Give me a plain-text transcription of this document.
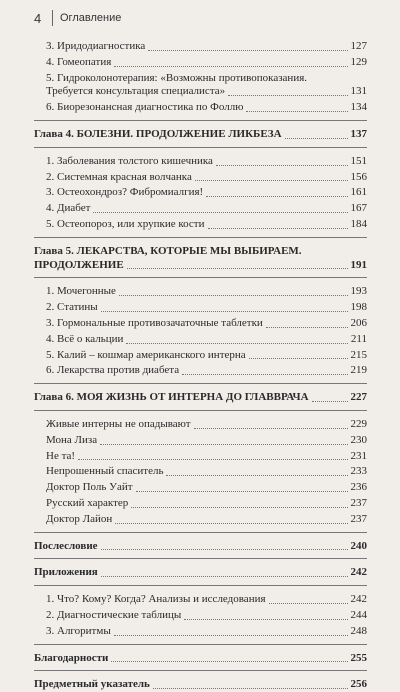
4 Оглавление
3. Иридодиагностика	127
4. Гомеопатия	129
5. Гидроколонотерапия: «Возможны противопоказания.
Требуется консультация специалиста»	131
6. Биорезонансная диагностика по Фоллю	134
Глава 4. БОЛЕЗНИ. ПРОДОЛЖЕНИЕ ЛИКБЕЗА	137
1. Заболевания толстого кишечника	151
2. Системная красная волчанка	156
3. Остеохондроз? Фибромиалгия!	161
4. Диабет	167
5. Остеопороз, или хрупкие кости	184
Глава 5. ЛЕКАРСТВА, КОТОРЫЕ МЫ ВЫБИРАЕМ.
ПРОДОЛЖЕНИЕ	191
1. Мочегонные	193
2. Статины	198
3. Гормональные противозачаточные таблетки	206
4. Всё о кальции	211
5. Калий – кошмар американского интерна	215
6. Лекарства против диабета	219
Глава 6. МОЯ ЖИЗНЬ ОТ ИНТЕРНА ДО ГЛАВВРАЧА	227
Живые интерны не опадывают	229
Мона Лиза	230
Не та!	231
Непрошенный спаситель	233
Доктор Поль Уайт	236
Русский характер	237
Доктор Лайон	237
Послесловие	240
Приложения	242
1. Что? Кому? Когда? Анализы и исследования	242
2. Диагностические таблицы	244
3. Алгоритмы	248
Благодарности	255
Предметный указатель	256
